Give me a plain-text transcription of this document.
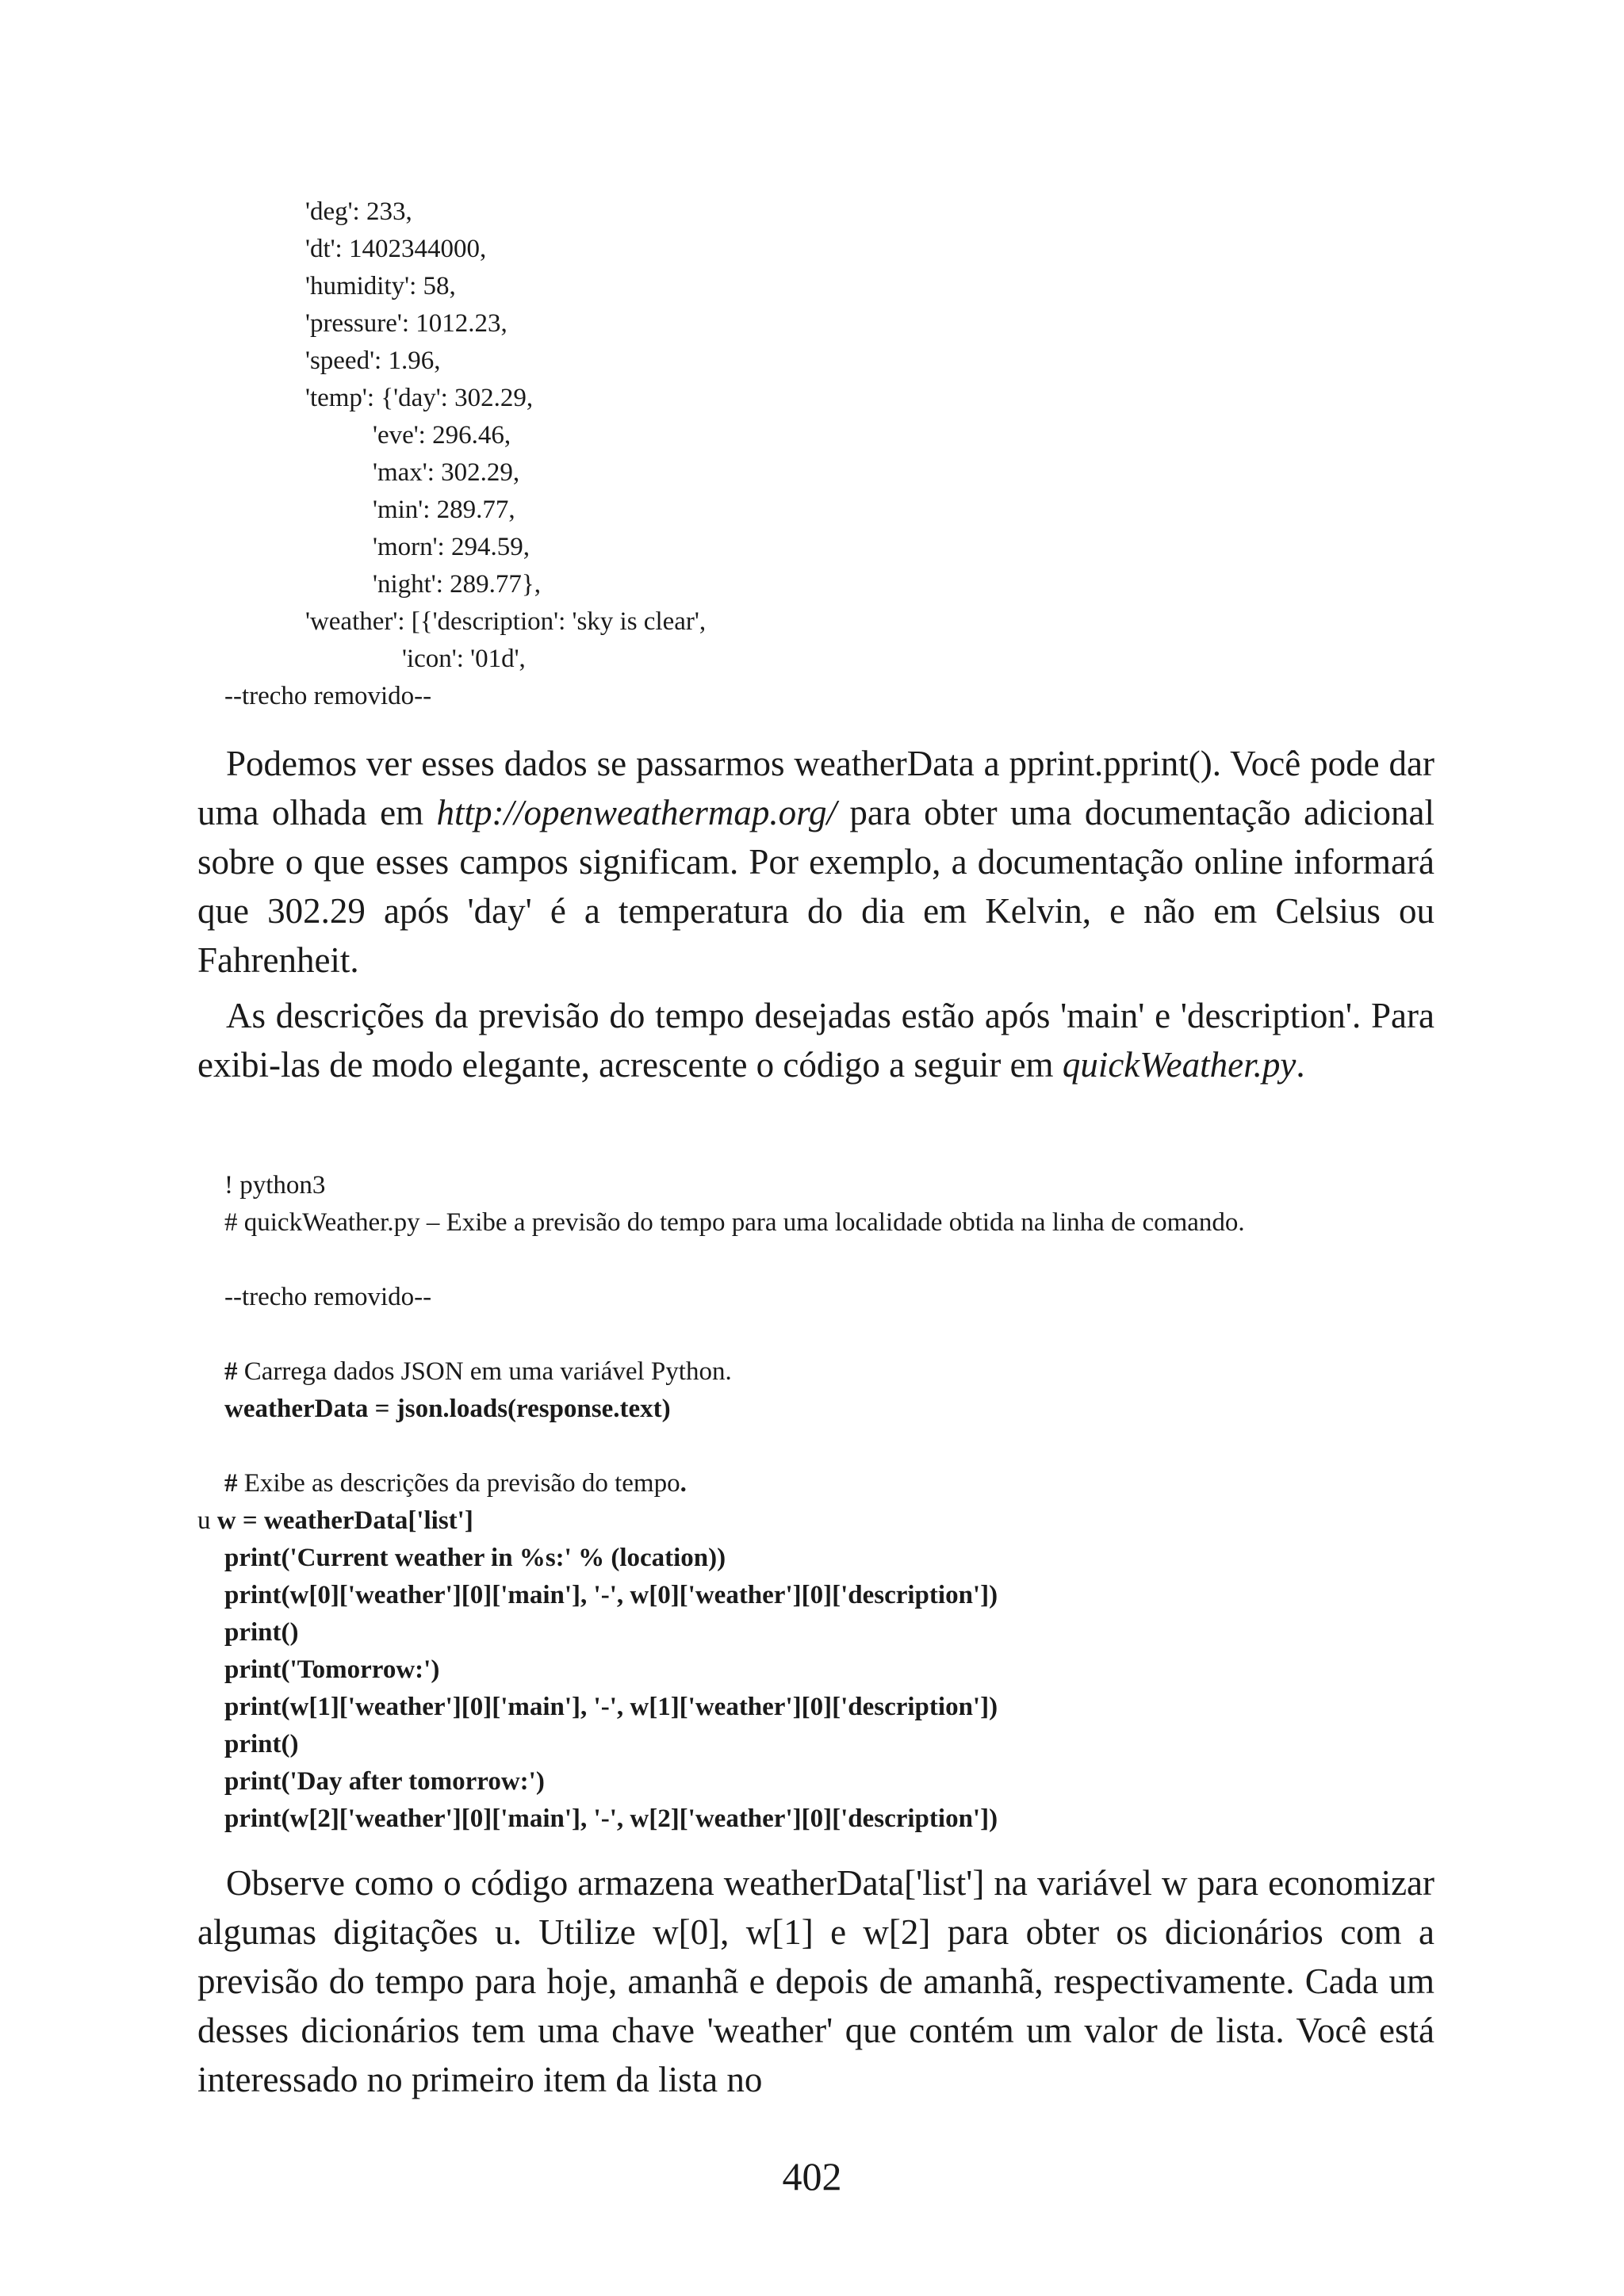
'deg': 233,
'dt': 1402344000,
'humidity': 58,
'pressure': 1012.23,
'speed': 1.96,
'temp': {'day': 302.29,
'eve': 296.46,
'max': 302.29,
'min': 289.77,
'morn': 294.59,
'night': 289.77},
'weather': [{'description': 'sky is clear',
'icon': '01d',
--trecho removido--

Podemos ver esses dados se passarmos weatherData a pprint.pprint(). Você pode dar uma olhada em http://openweathermap.org/ para obter uma documentação adicional sobre o que esses campos significam. Por exemplo, a documentação online informará que 302.29 após 'day' é a temperatura do dia em Kelvin, e não em Celsius ou Fahrenheit.

As descrições da previsão do tempo desejadas estão após 'main' e 'description'. Para exibi-las de modo elegante, acrescente o código a seguir em quickWeather.py.

! python3
# quickWeather.py – Exibe a previsão do tempo para uma localidade obtida na linha de comando.
--trecho removido--
# Carrega dados JSON em uma variável Python.
weatherData = json.loads(response.text)
# Exibe as descrições da previsão do tempo.
u w = weatherData['list']
print('Current weather in %s:' % (location))
print(w[0]['weather'][0]['main'], '-', w[0]['weather'][0]['description'])
print()
print('Tomorrow:')
print(w[1]['weather'][0]['main'], '-', w[1]['weather'][0]['description'])
print()
print('Day after tomorrow:')
print(w[2]['weather'][0]['main'], '-', w[2]['weather'][0]['description'])

Observe como o código armazena weatherData['list'] na variável w para economizar algumas digitações u. Utilize w[0], w[1] e w[2] para obter os dicionários com a previsão do tempo para hoje, amanhã e depois de amanhã, respectivamente. Cada um desses dicionários tem uma chave 'weather' que contém um valor de lista. Você está interessado no primeiro item da lista no

402
